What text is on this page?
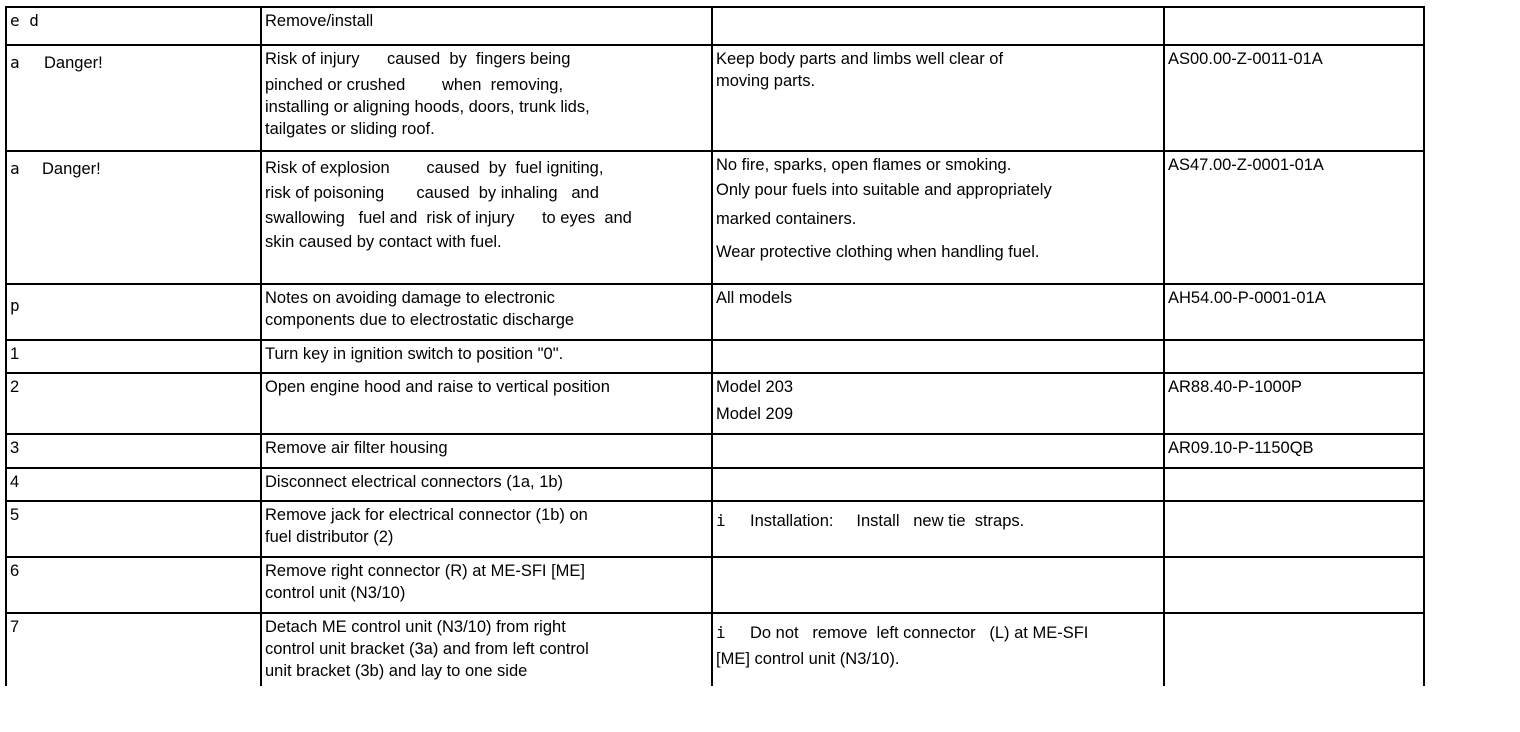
e d	Remove/install		
a Danger!	Risk of injury      caused  by  fingers being
pinched or crushed        when  removing,
installing or aligning hoods, doors, trunk lids,
tailgates or sliding roof.	Keep body parts and limbs well clear of
moving parts.	AS00.00-Z-0011-01A
a Danger!	Risk of explosion        caused  by  fuel igniting,
risk of poisoning       caused  by inhaling   and
swallowing   fuel and  risk of injury      to eyes  and
skin caused by contact with fuel.	No fire, sparks, open flames or smoking.
Only pour fuels into suitable and appropriately
marked containers.
Wear protective clothing when handling fuel.	AS47.00-Z-0001-01A
p	Notes on avoiding damage to electronic
components due to electrostatic discharge	All models	AH54.00-P-0001-01A
1	Turn key in ignition switch to position "0".		

2	Open engine hood and raise to vertical position	Model 203
Model 209	AR88.40-P-1000P
3	Remove air filter housing		AR09.10-P-1150QB
4	Disconnect electrical connectors (1a, 1b)		

5	Remove jack for electrical connector (1b) on
fuel distributor (2)	i Installation:     Install   new tie  straps.	
6	Remove right connector (R) at ME-SFI [ME]
control unit (N3/10)		

7	Detach ME control unit (N3/10) from right
control unit bracket (3a) and from left control
unit bracket (3b) and lay to one side	i Do not   remove  left connector   (L) at ME-SFI
[ME] control unit (N3/10).	
